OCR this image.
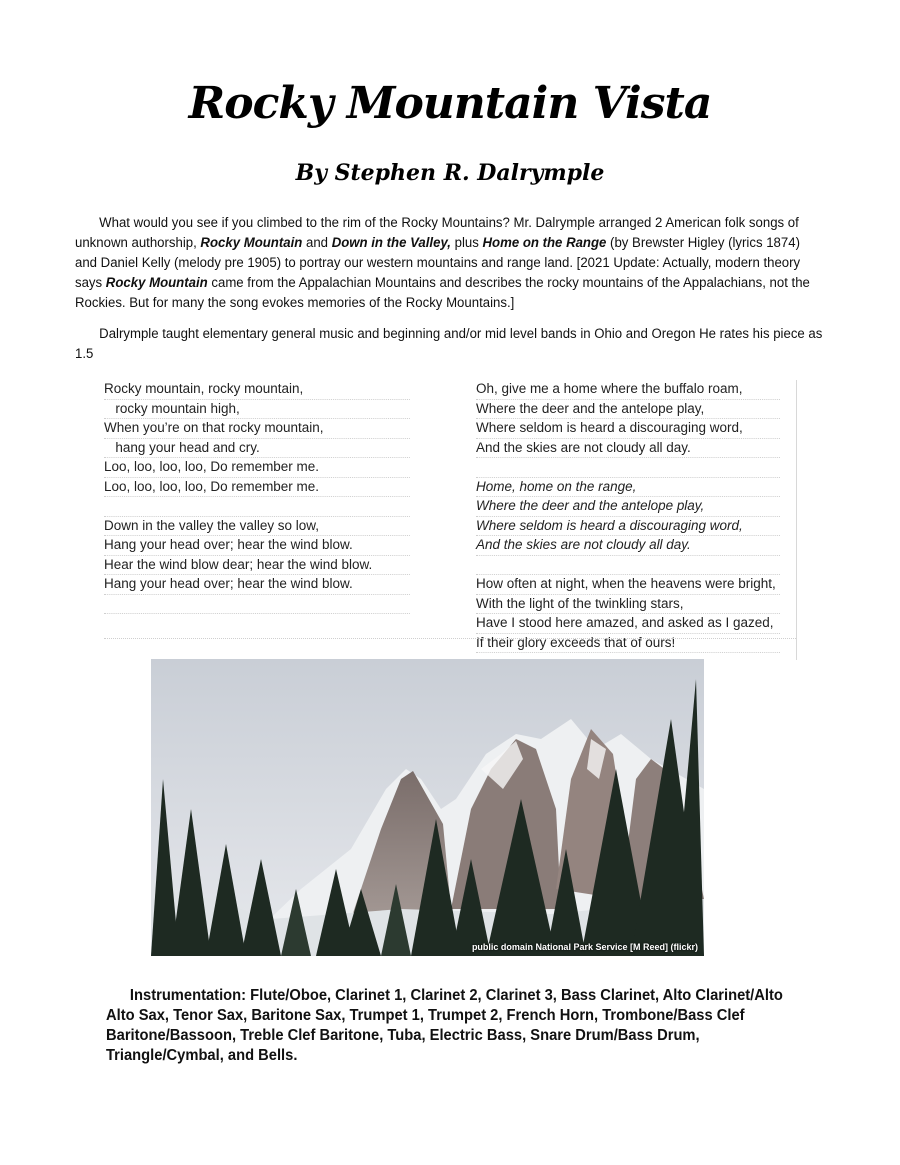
Rocky Mountain Vista
By Stephen R. Dalrymple
What would you see if you climbed to the rim of the Rocky Mountains? Mr. Dalrymple arranged 2 American folk songs of unknown authorship, Rocky Mountain and Down in the Valley, plus Home on the Range (by Brewster Higley (lyrics 1874) and Daniel Kelly (melody pre 1905) to portray our western mountains and range land. [2021 Update: Actually, modern theory says Rocky Mountain came from the Appalachian Mountains and describes the rocky mountains of the Appalachians, not the Rockies. But for many the song evokes memories of the Rocky Mountains.]
Dalrymple taught elementary general music and beginning and/or mid level bands in Ohio and Oregon He rates his piece as 1.5
Rocky mountain, rocky mountain,
rocky mountain high,
When you’re on that rocky mountain,
hang your head and cry.
Loo, loo, loo, loo, Do remember me.
Loo, loo, loo, loo, Do remember me.
Down in the valley the valley so low,
Hang your head over; hear the wind blow.
Hear the wind blow dear; hear the wind blow.
Hang your head over; hear the wind blow.
Oh, give me a home where the buffalo roam,
Where the deer and the antelope play,
Where seldom is heard a discouraging word,
And the skies are not cloudy all day.
Home, home on the range,
Where the deer and the antelope play,
Where seldom is heard a discouraging word,
And the skies are not cloudy all day.
How often at night, when the heavens were bright,
With the light of the twinkling stars,
Have I stood here amazed, and asked as I gazed,
If their glory exceeds that of ours!
public domain National Park Service [M Reed] (flickr)
Instrumentation: Flute/Oboe, Clarinet 1, Clarinet 2, Clarinet 3, Bass Clarinet, Alto Clarinet/Alto Alto Sax, Tenor Sax, Baritone Sax, Trumpet 1, Trumpet 2, French Horn, Trombone/Bass Clef Baritone/Bassoon, Treble Clef Baritone, Tuba, Electric Bass, Snare Drum/Bass Drum, Triangle/Cymbal, and Bells.
